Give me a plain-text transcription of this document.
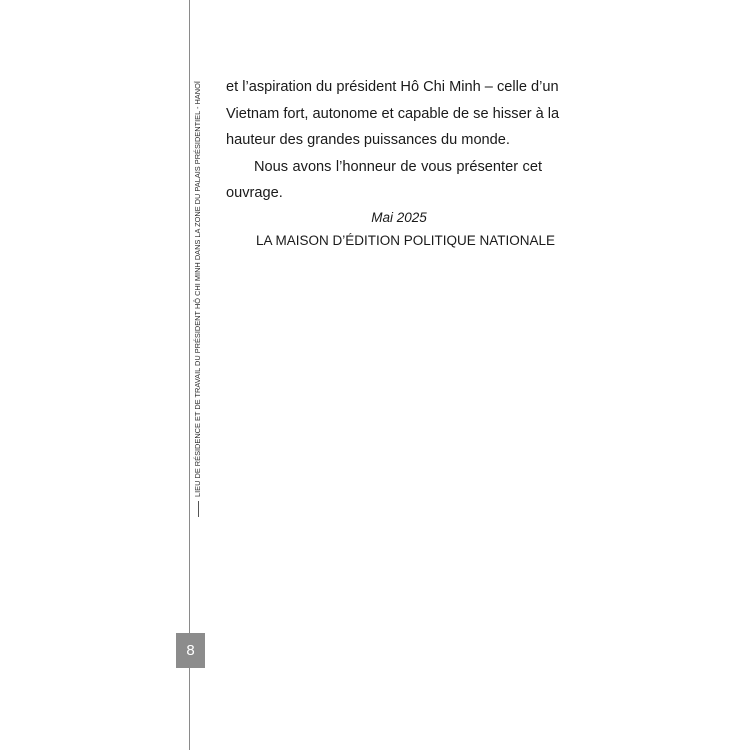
LIEU DE RÉSIDENCE ET DE TRAVAIL DU PRÉSIDENT HÔ CHI MINH DANS LA ZONE DU PALAIS PRÉSIDENTIEL - HANOÏ
8

et l’aspiration du président Hô Chi Minh – celle d’un
Vietnam fort, autonome et capable de se hisser à la
hauteur des grandes puissances du monde.

Nous avons l’honneur de vous présenter cet
ouvrage.

Mai 2025

LA MAISON D’ÉDITION POLITIQUE NATIONALE
